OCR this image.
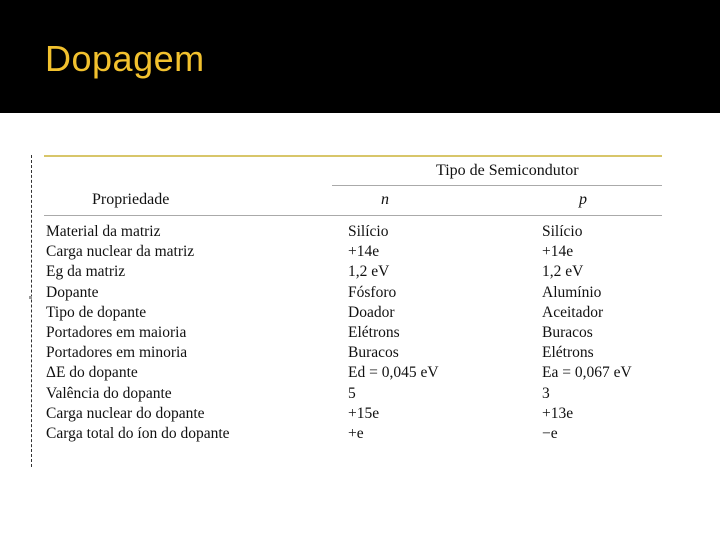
Dopagem
Tipo de Semicondutor
Propriedade	n	p
Material da matriz	Silício	Silício
Carga nuclear da matriz	+14e	+14e
Eg da matriz	1,2 eV	1,2 eV
Dopante	Fósforo	Alumínio
Tipo de dopante	Doador	Aceitador
Portadores em maioria	Elétrons	Buracos
Portadores em minoria	Buracos	Elétrons
ΔE do dopante	Ed = 0,045 eV	Ea = 0,067 eV
Valência do dopante	5	3
Carga nuclear do dopante	+15e	+13e
Carga total do íon do dopante	+e	−e
